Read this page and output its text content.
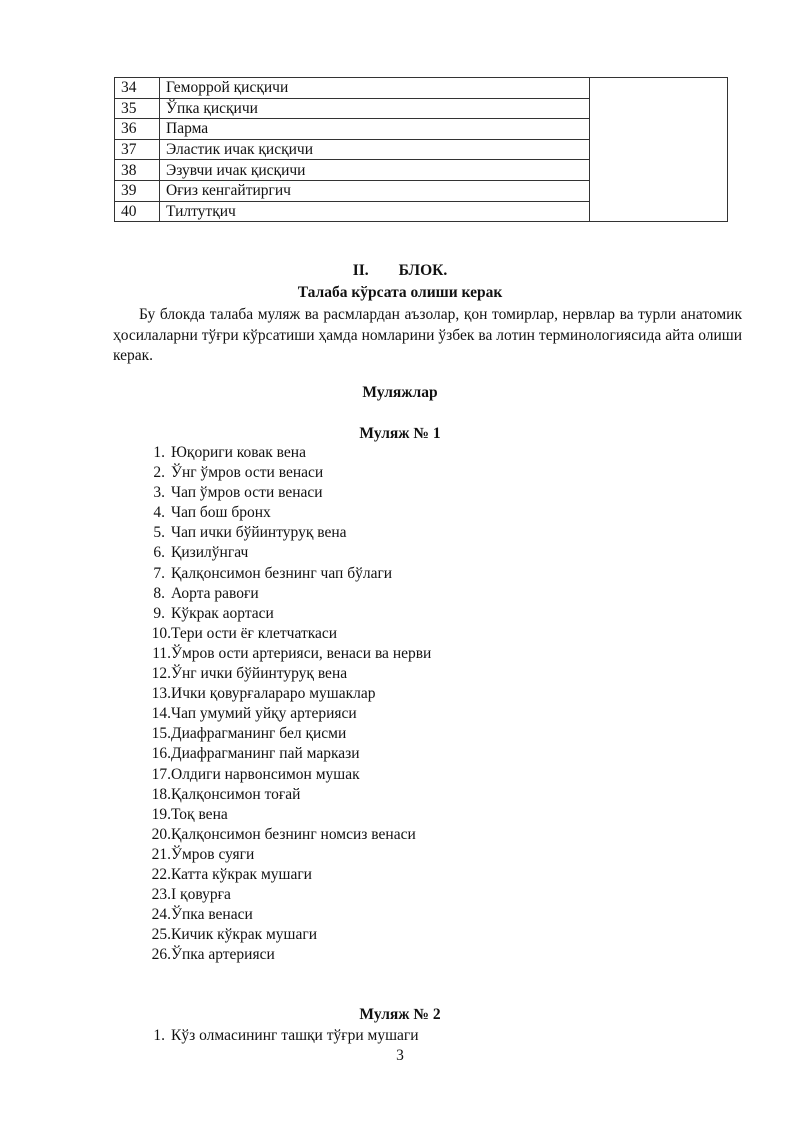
34	Геморрой қисқичи	
35	Ўпка қисқичи	
36	Парма	
37	Эластик ичак қисқичи	
38	Эзувчи ичак қисқичи	
39	Оғиз кенгайтиргич	
40	Тилтутқич	
II. БЛОК.
Талаба кўрсата олиши керак
Бу блокда талаба муляж ва расмлардан аъзолар, қон томирлар, нервлар ва турли анатомик ҳосилаларни тўғри кўрсатиши ҳамда номларини ўзбек ва лотин терминологиясида айта олиши керак.
Муляжлар
Муляж № 1
1. Юқориги ковак вена
2. Ўнг ўмров ости венаси
3. Чап ўмров ости венаси
4. Чап бош бронх
5. Чап ички бўйинтуруқ вена
6. Қизилўнгач
7. Қалқонсимон безнинг чап бўлаги
8. Аорта равоғи
9. Кўкрак аортаси
10.Тери ости ёғ клетчаткаси
11.Ўмров ости артерияси, венаси ва нерви
12.Ўнг ички бўйинтуруқ вена
13.Ички қовурғалараро мушаклар
14.Чап умумий уйқу артерияси
15.Диафрагманинг бел қисми
16.Диафрагманинг пай маркази
17.Олдиги нарвонсимон мушак
18.Қалқонсимон тоғай
19.Тоқ вена
20.Қалқонсимон безнинг номсиз венаси
21.Ўмров суяги
22.Катта кўкрак мушаги
23.I қовурға
24.Ўпка венаси
25.Кичик кўкрак мушаги
26.Ўпка артерияси
Муляж № 2
1. Кўз олмасининг ташқи тўғри мушаги
3
